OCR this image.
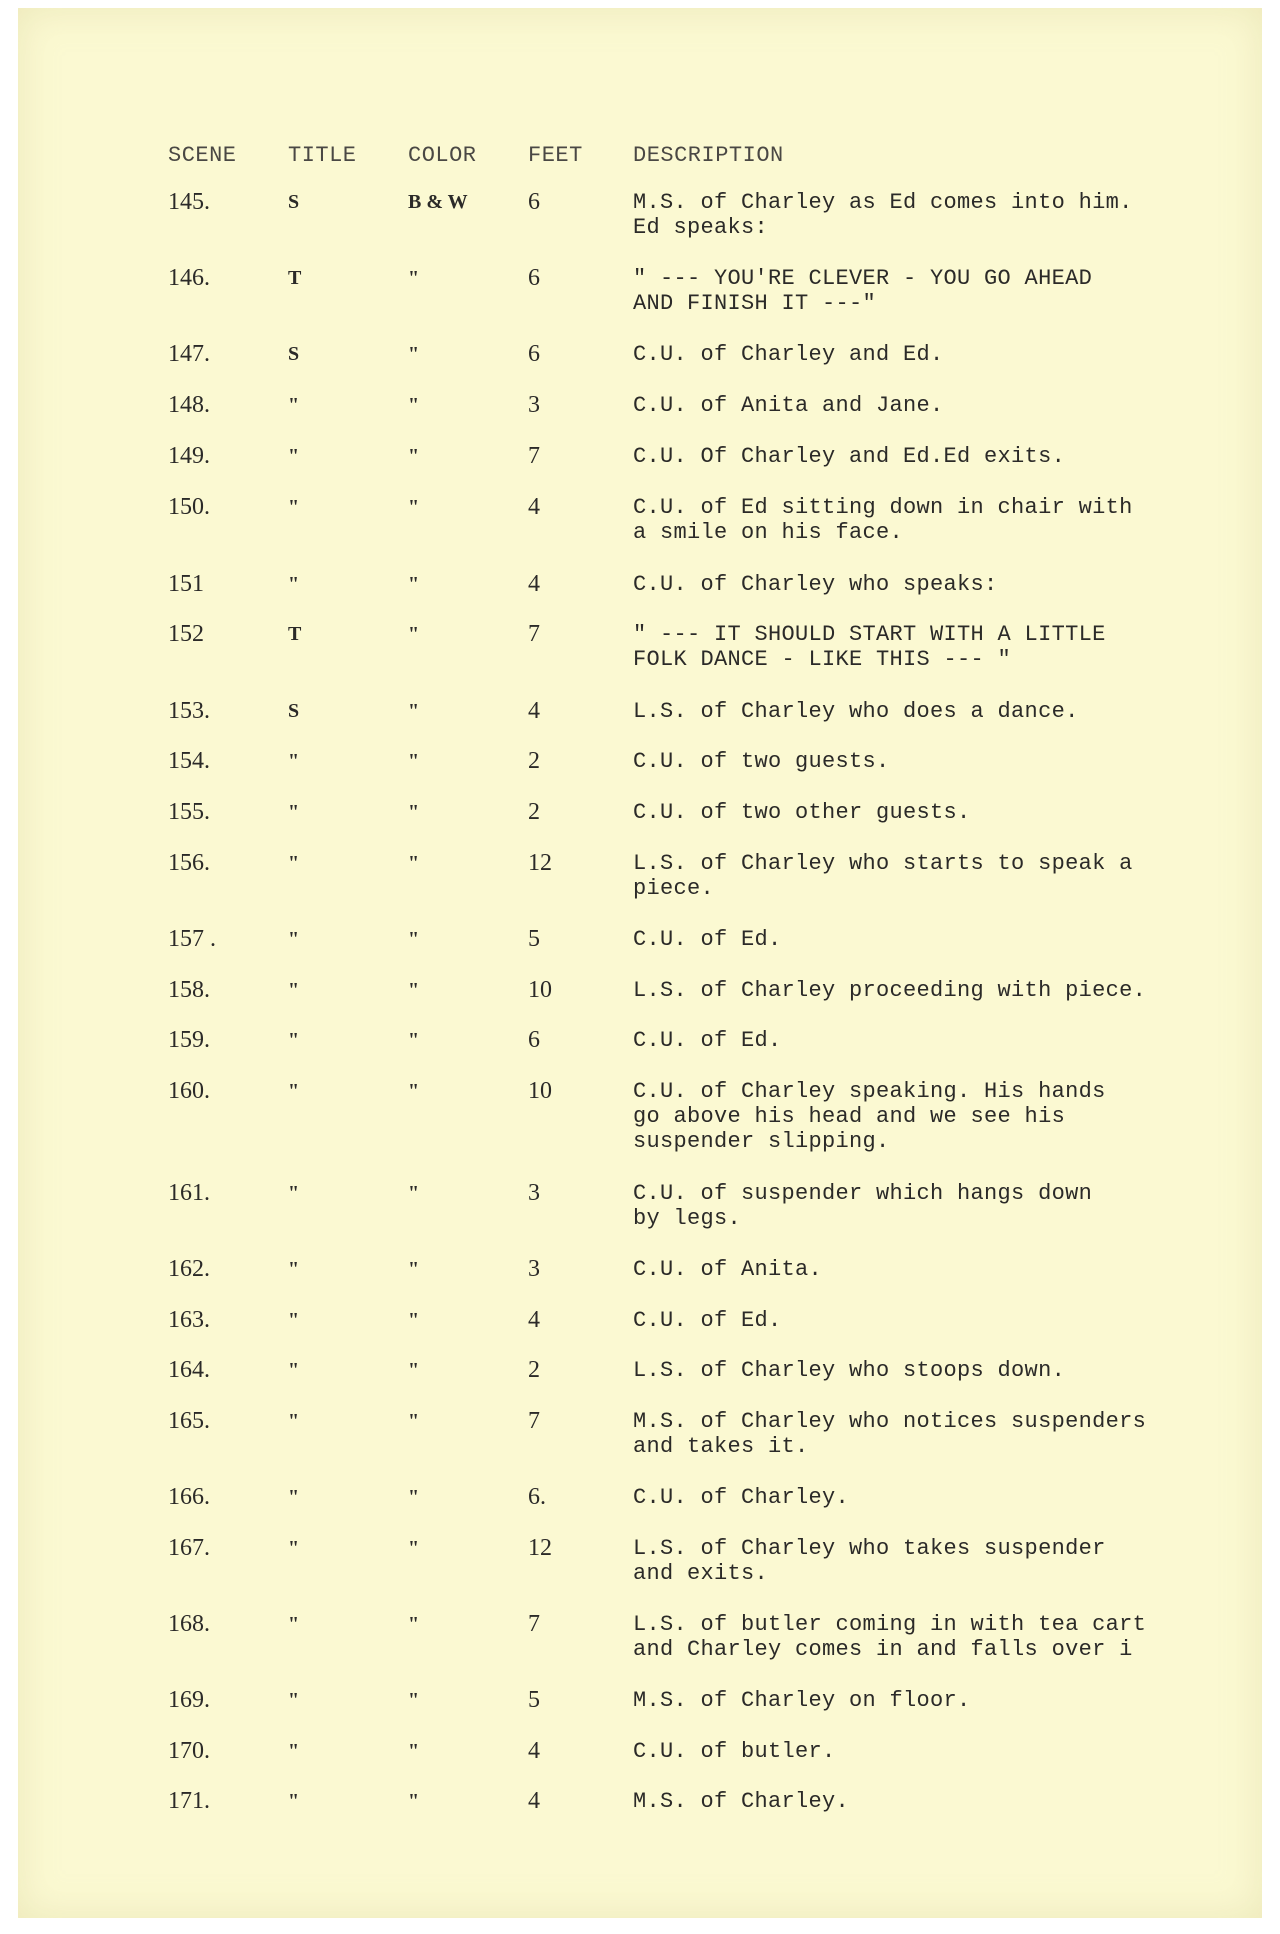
SCENE TITLE COLOR FEET DESCRIPTION
145.	S	B & W	6	M.S. of Charley as Ed comes into him.
Ed speaks:
146.	T	"	6	" --- YOU'RE CLEVER - YOU GO AHEAD
AND FINISH IT ---"
147.	S	"	6	C.U. of Charley and Ed.
148.	"	"	3	C.U. of Anita and Jane.
149.	"	"	7	C.U. Of Charley and Ed.Ed exits.
150.	"	"	4	C.U. of Ed sitting down in chair with
a smile on his face.
151	"	"	4	C.U. of Charley who speaks:
152	T	"	7	" --- IT SHOULD START WITH A LITTLE
FOLK DANCE - LIKE THIS --- "
153.	S	"	4	L.S. of Charley who does a dance.
154.	"	"	2	C.U. of two guests.
155.	"	"	2	C.U. of two other guests.
156.	"	"	12	L.S. of Charley who starts to speak a
piece.
157 .	"	"	5	C.U. of Ed.
158.	"	"	10	L.S. of Charley proceeding with piece.
159.	"	"	6	C.U. of Ed.
160.	"	"	10	C.U. of Charley speaking. His hands
go above his head and we see his
suspender slipping.
161.	"	"	3	C.U. of suspender which hangs down
by legs.
162.	"	"	3	C.U. of Anita.
163.	"	"	4	C.U. of Ed.
164.	"	"	2	L.S. of Charley who stoops down.
165.	"	"	7	M.S. of Charley who notices suspenders
and takes it.
166.	"	"	6.	C.U. of Charley.
167.	"	"	12	L.S. of Charley who takes suspender
and exits.
168.	"	"	7	L.S. of butler coming in with tea cart
and Charley comes in and falls over i
169.	"	"	5	M.S. of Charley on floor.
170.	"	"	4	C.U. of butler.
171.	"	"	4	M.S. of Charley.
